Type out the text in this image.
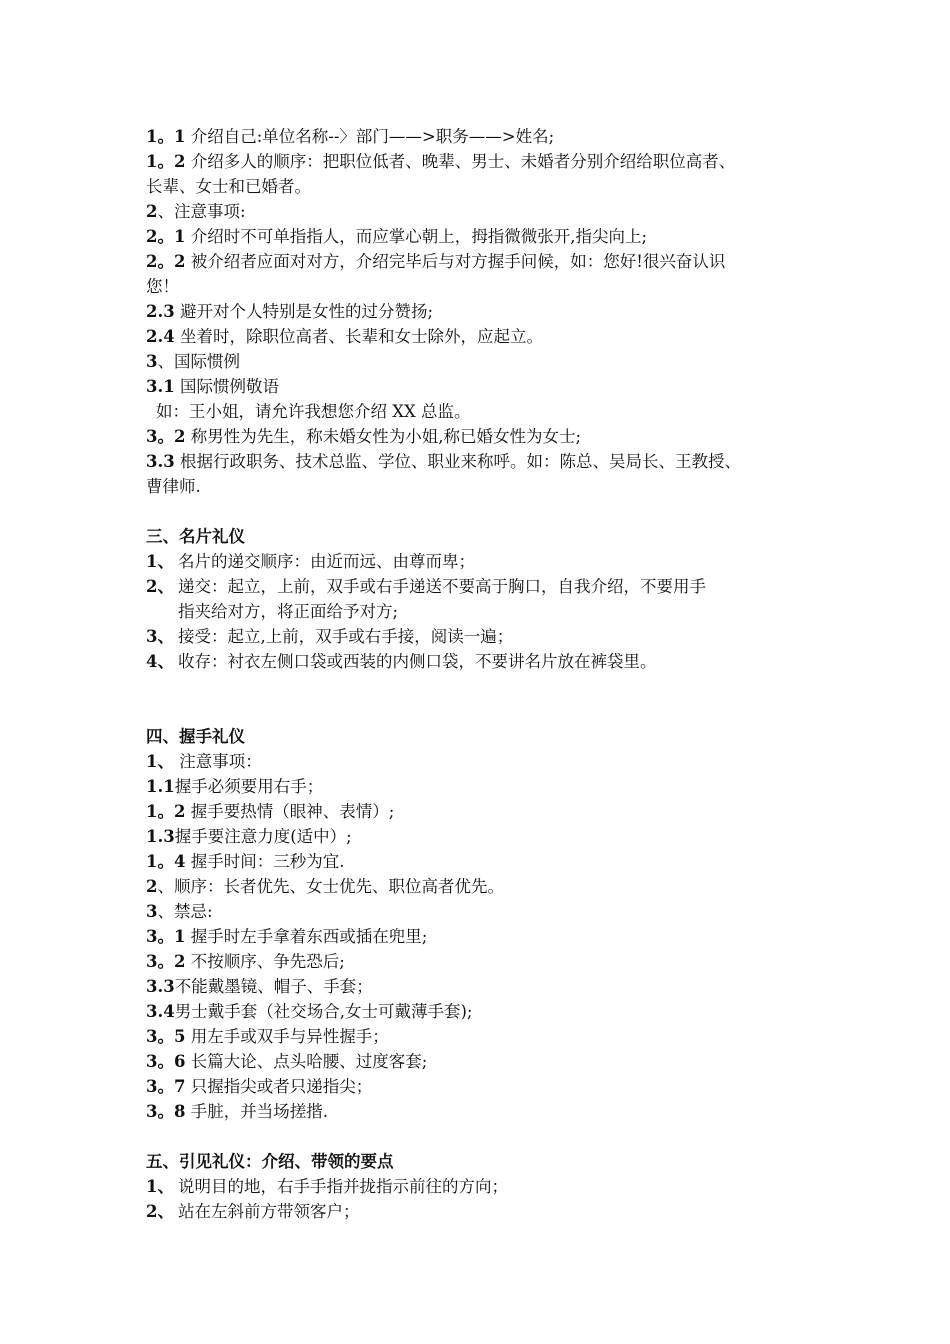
1。1 介绍自己:单位名称--〉部门——>职务——>姓名;
1。2 介绍多人的顺序：把职位低者、晚辈、男士、未婚者分别介绍给职位高者、
长辈、女士和已婚者。
2、注意事项:
2。1 介绍时不可单指指人，而应掌心朝上，拇指微微张开,指尖向上;
2。2 被介绍者应面对对方，介绍完毕后与对方握手问候，如：您好!很兴奋认识
您！
2.3 避开对个人特别是女性的过分赞扬;
2.4 坐着时，除职位高者、长辈和女士除外，应起立。
3、国际惯例
3.1 国际惯例敬语
如：王小姐，请允许我想您介绍 XX 总监。
3。2 称男性为先生，称未婚女性为小姐,称已婚女性为女士;
3.3 根据行政职务、技术总监、学位、职业来称呼。如：陈总、吴局长、王教授、
曹律师.
三、名片礼仪
1、 名片的递交顺序：由近而远、由尊而卑；
2、 递交：起立，上前，双手或右手递送不要高于胸口，自我介绍，不要用手
指夹给对方，将正面给予对方;
3、 接受：起立,上前，双手或右手接，阅读一遍；
4、 收存：衬衣左侧口袋或西装的内侧口袋，不要讲名片放在裤袋里。
四、握手礼仪
1、 注意事项：
1.1握手必须要用右手；
1。2 握手要热情（眼神、表情）;
1.3握手要注意力度(适中）;
1。4 握手时间：三秒为宜.
2、顺序：长者优先、女士优先、职位高者优先。
3、禁忌:
3。1 握手时左手拿着东西或插在兜里;
3。2 不按顺序、争先恐后;
3.3不能戴墨镜、帽子、手套；
3.4男士戴手套（社交场合,女士可戴薄手套);
3。5 用左手或双手与异性握手；
3。6 长篇大论、点头哈腰、过度客套;
3。7 只握指尖或者只递指尖；
3。8 手脏，并当场搓揩.
五、引见礼仪：介绍、带领的要点
1、 说明目的地，右手手指并拢指示前往的方向；
2、 站在左斜前方带领客户；
